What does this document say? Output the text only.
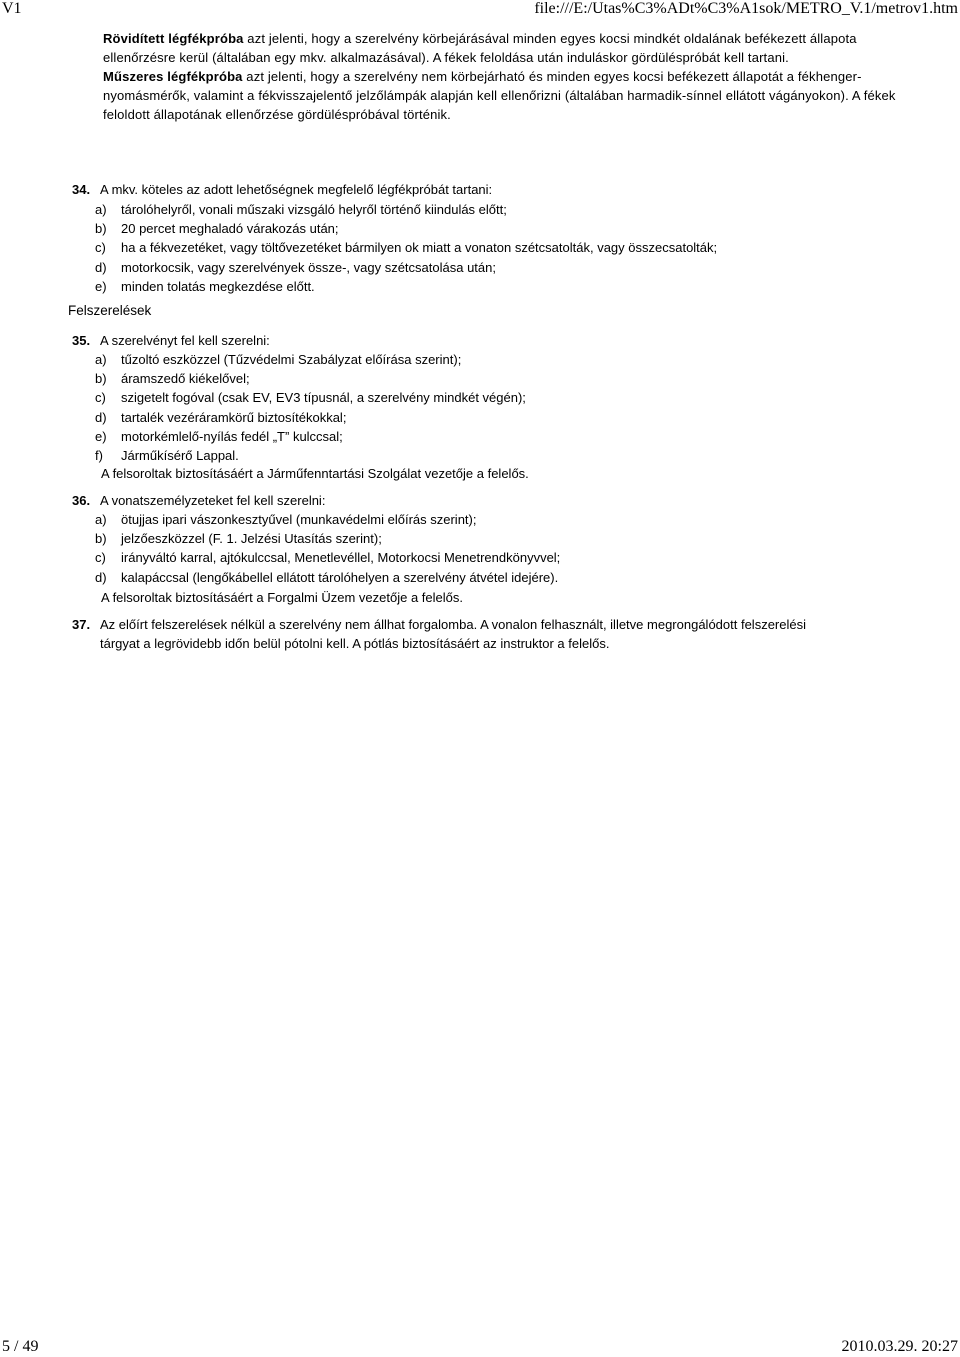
V1	file:///E:/Utas%C3%ADt%C3%A1sok/METRO_V.1/metrov1.htm

Rövidített légfékpróba azt jelenti, hogy a szerelvény körbejárásával minden egyes kocsi mindkét oldalának befékezett állapota ellenőrzésre kerül (általában egy mkv. alkalmazásával). A fékek feloldása után induláskor gördüléspróbát kell tartani.

Műszeres légfékpróba azt jelenti, hogy a szerelvény nem körbejárható és minden egyes kocsi befékezett állapotát a fékhenger-nyomásmérők, valamint a fékvisszajelentő jelzőlámpák alapján kell ellenőrizni (általában harmadik-sínnel ellátott vágányokon). A fékek feloldott állapotának ellenőrzése gördüléspróbával történik.

34. A mkv. köteles az adott lehetőségnek megfelelő légfékpróbát tartani:
a) tárolóhelyről, vonali műszaki vizsgáló helyről történő kiindulás előtt;
b) 20 percet meghaladó várakozás után;
c) ha a fékvezetéket, vagy töltővezetéket bármilyen ok miatt a vonaton szétcsatolták, vagy összecsatolták;
d) motorkocsik, vagy szerelvények össze-, vagy szétcsatolása után;
e) minden tolatás megkezdése előtt.
Felszerelések
35. A szerelvényt fel kell szerelni:
a) tűzoltó eszközzel (Tűzvédelmi Szabályzat előírása szerint);
b) áramszedő kiékelővel;
c) szigetelt fogóval (csak EV, EV3 típusnál, a szerelvény mindkét végén);
d) tartalék vezéráramkörű biztosítékokkal;
e) motorkémlelő-nyílás fedél „T” kulccsal;
f) Járműkísérő Lappal.
A felsoroltak biztosításáért a Járműfenntartási Szolgálat vezetője a felelős.
36. A vonatszemélyzeteket fel kell szerelni:
a) ötujjas ipari vászonkesztyűvel (munkavédelmi előírás szerint);
b) jelzőeszközzel (F. 1. Jelzési Utasítás szerint);
c) irányváltó karral, ajtókulccsal, Menetlevéllel, Motorkocsi Menetrendkönyvvel;
d) kalapáccsal (lengőkábellel ellátott tárolóhelyen a szerelvény átvétel idejére).
A felsoroltak biztosításáért a Forgalmi Üzem vezetője a felelős.
37. Az előírt felszerelések nélkül a szerelvény nem állhat forgalomba. A vonalon felhasznált, illetve megrongálódott felszerelési
tárgyat a legrövidebb időn belül pótolni kell. A pótlás biztosításáért az instruktor a felelős.
5 / 49	2010.03.29. 20:27
